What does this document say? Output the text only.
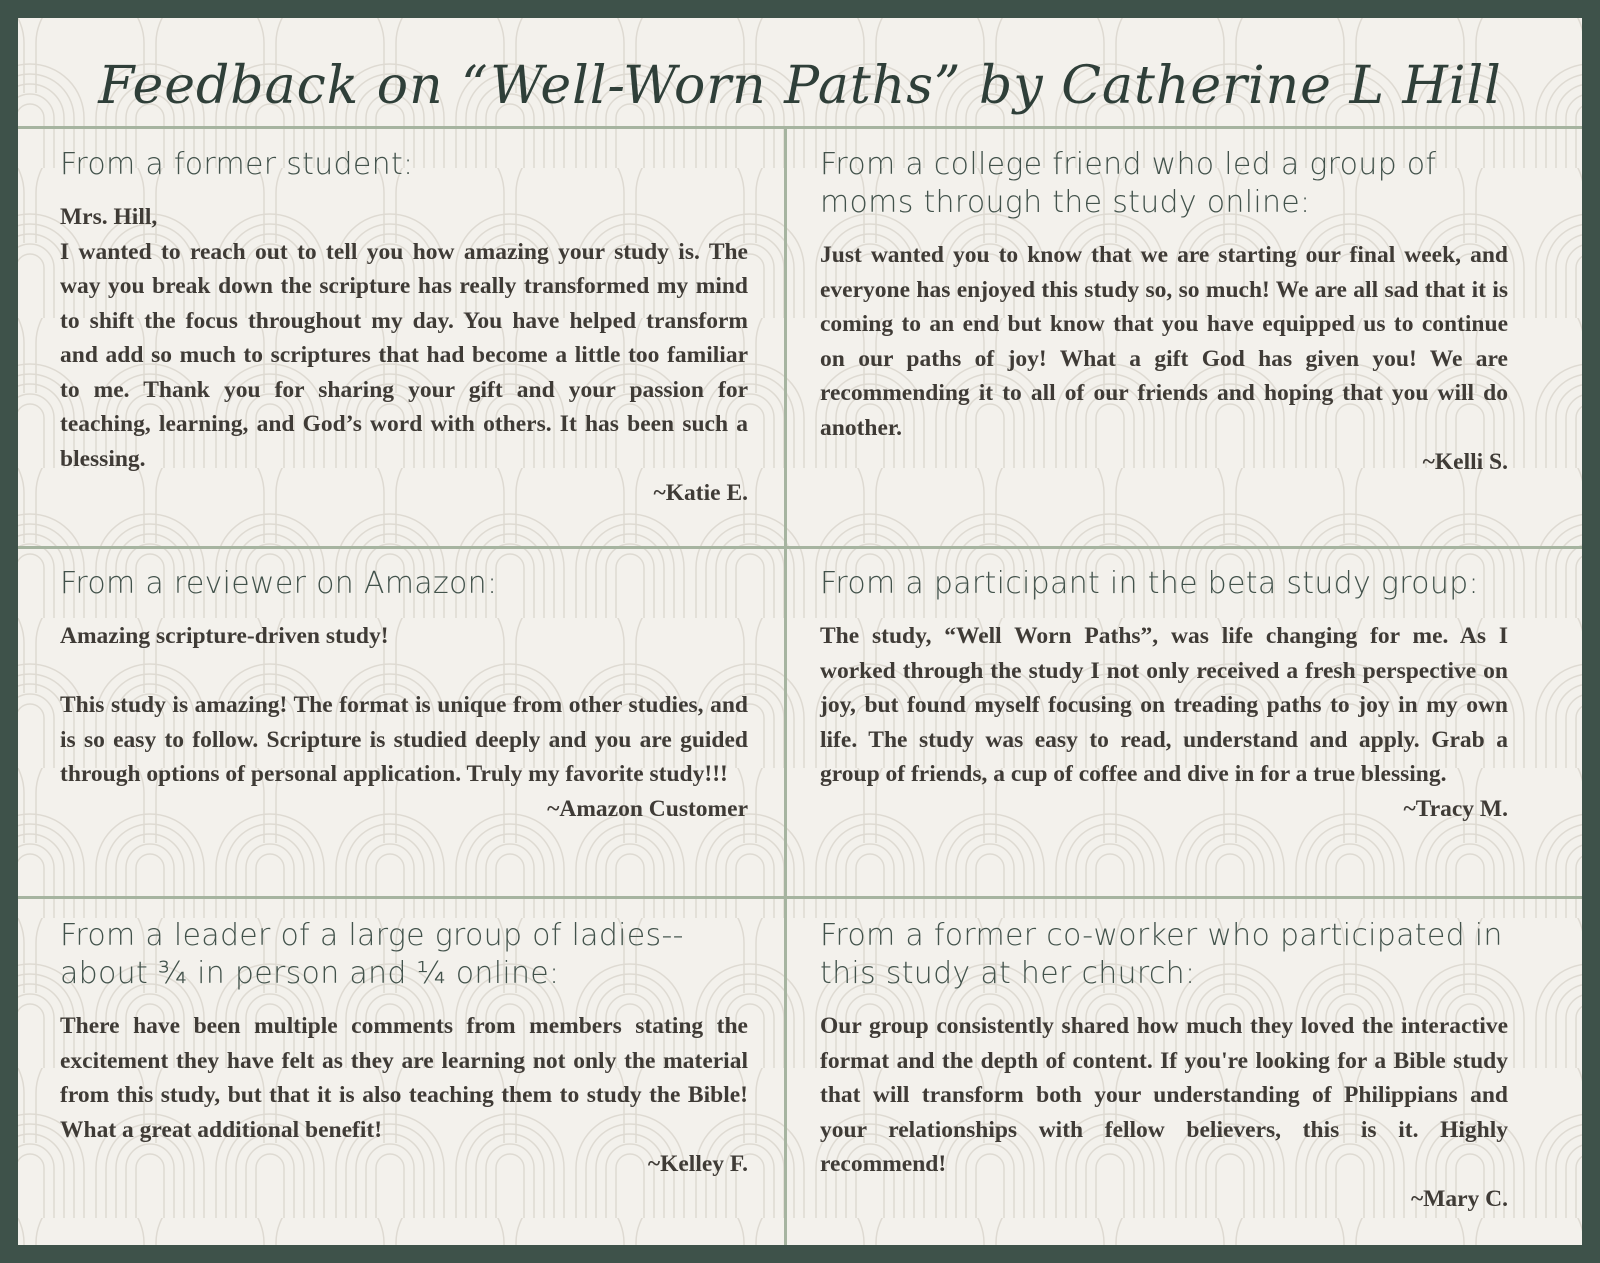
Feedback on “Well-Worn Paths” by Catherine L Hill
From a former student:
Mrs. Hill,
I wanted to reach out to tell you how amazing your study is. The way you break down the scripture has really transformed my mind to shift the focus throughout my day. You have helped transform and add so much to scriptures that had become a little too familiar to me. Thank you for sharing your gift and your passion for teaching, learning, and God’s word with others. It has been such a blessing.
~Katie E.
From a college friend who led a group of moms through the study online:
Just wanted you to know that we are starting our final week, and everyone has enjoyed this study so, so much! We are all sad that it is coming to an end but know that you have equipped us to continue on our paths of joy! What a gift God has given you! We are recommending it to all of our friends and hoping that you will do another.
~Kelli S.
From a reviewer on Amazon:
Amazing scripture-driven study!
This study is amazing! The format is unique from other studies, and is so easy to follow. Scripture is studied deeply and you are guided through options of personal application. Truly my favorite study!!!
~Amazon Customer
From a participant in the beta study group:
The study, “Well Worn Paths”, was life changing for me. As I worked through the study I not only received a fresh perspective on joy, but found myself focusing on treading paths to joy in my own life. The study was easy to read, understand and apply. Grab a group of friends, a cup of coffee and dive in for a true blessing.
~Tracy M.
From a leader of a large group of ladies--about ¾ in person and ¼ online:
There have been multiple comments from members stating the excitement they have felt as they are learning not only the material from this study, but that it is also teaching them to study the Bible! What a great additional benefit!
~Kelley F.
From a former co-worker who participated in this study at her church:
Our group consistently shared how much they loved the interactive format and the depth of content. If you're looking for a Bible study that will transform both your understanding of Philippians and your relationships with fellow believers, this is it. Highly recommend!
~Mary C.
